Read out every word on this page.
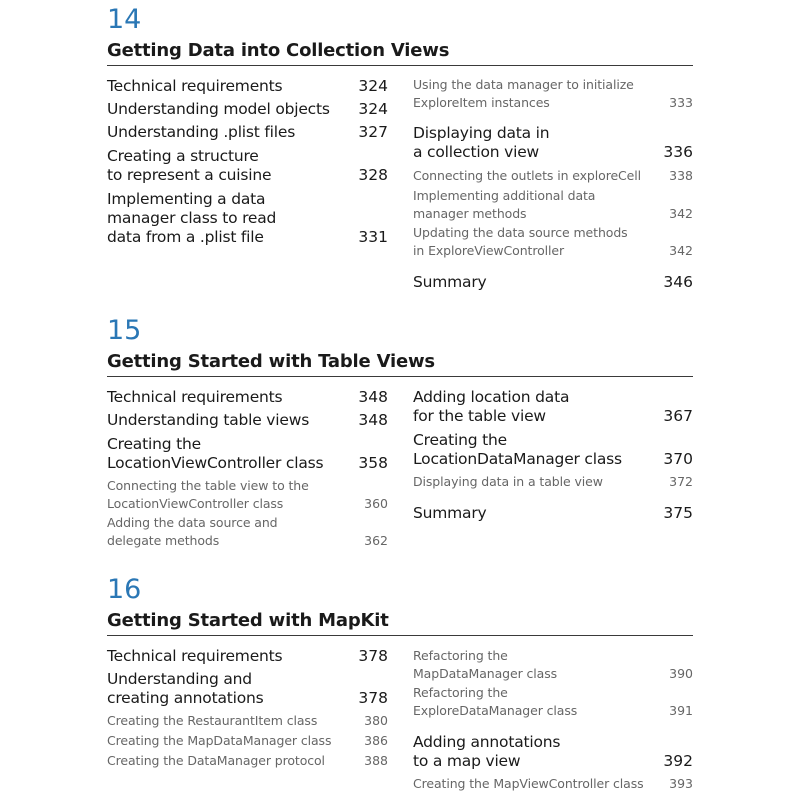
14
Getting Data into Collection Views
Technical requirements	324
Understanding model objects	324
Understanding .plist files	327
Creating a structure
to represent a cuisine	328
Implementing a data
manager class to read
data from a .plist file	331
Using the data manager to initialize
ExploreItem instances	333
Displaying data in
a collection view	336
Connecting the outlets in exploreCell	338
Implementing additional data
manager methods	342
Updating the data source methods
in ExploreViewController	342
Summary	346
15
Getting Started with Table Views
Technical requirements	348
Understanding table views	348
Creating the
LocationViewController class	358
Connecting the table view to the
LocationViewController class	360
Adding the data source and
delegate methods	362
Adding location data
for the table view	367
Creating the
LocationDataManager class	370
Displaying data in a table view	372
Summary	375
16
Getting Started with MapKit
Technical requirements	378
Understanding and
creating annotations	378
Creating the RestaurantItem class	380
Creating the MapDataManager class	386
Creating the DataManager protocol	388
Refactoring the
MapDataManager class	390
Refactoring the
ExploreDataManager class	391
Adding annotations
to a map view	392
Creating the MapViewController class	393
